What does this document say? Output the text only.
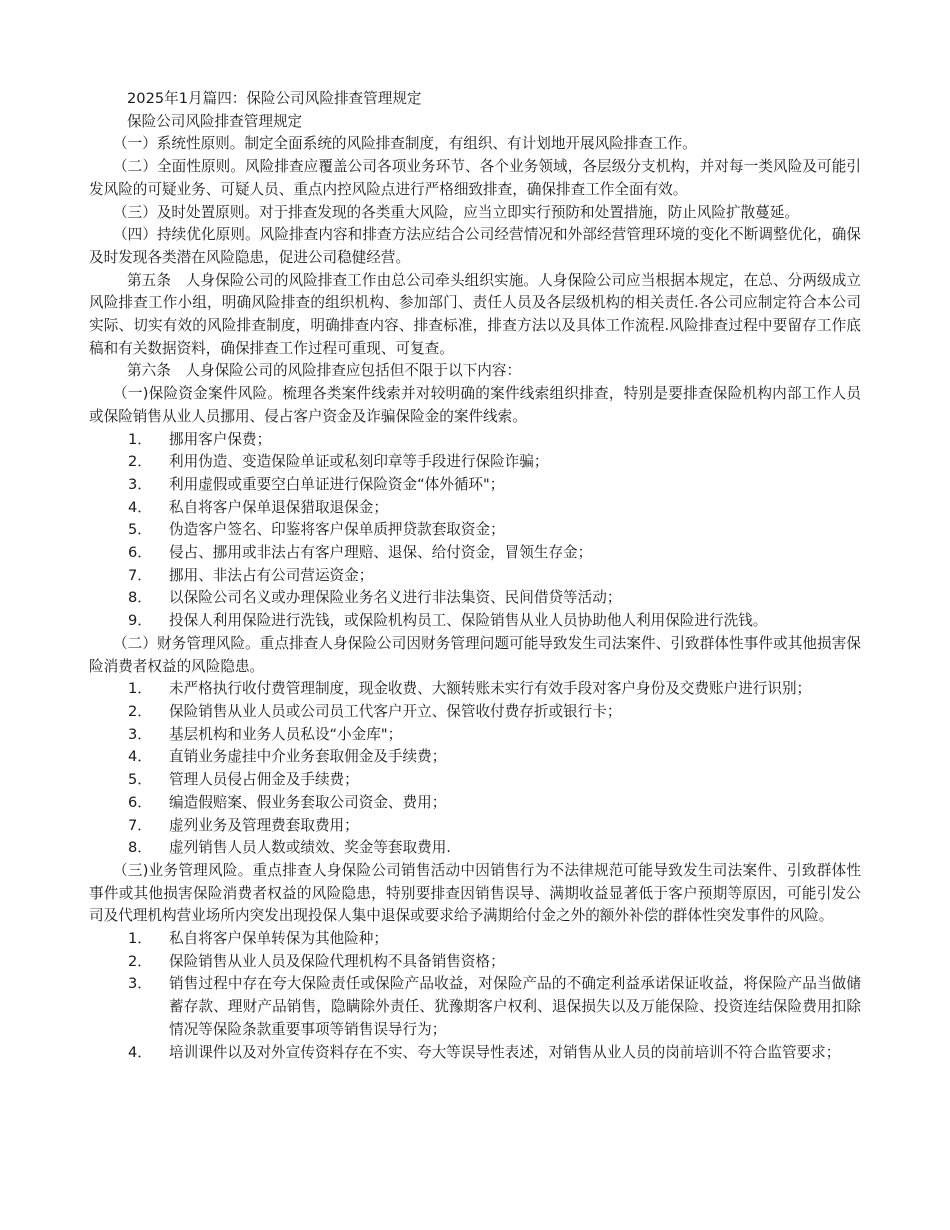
2025年1月篇四：保险公司风险排查管理规定

保险公司风险排查管理规定

（一）系统性原则。制定全面系统的风险排查制度，有组织、有计划地开展风险排查工作。

（二）全面性原则。风险排查应覆盖公司各项业务环节、各个业务领域，各层级分支机构，并对每一类风险及可能引发风险的可疑业务、可疑人员、重点内控风险点进行严格细致排查，确保排查工作全面有效。

（三）及时处置原则。对于排查发现的各类重大风险，应当立即实行预防和处置措施，防止风险扩散蔓延。

（四）持续优化原则。风险排查内容和排查方法应结合公司经营情况和外部经营管理环境的变化不断调整优化，确保及时发现各类潜在风险隐患，促进公司稳健经营。

第五条　人身保险公司的风险排查工作由总公司牵头组织实施。人身保险公司应当根据本规定，在总、分两级成立风险排查工作小组，明确风险排查的组织机构、参加部门、责任人员及各层级机构的相关责任.各公司应制定符合本公司实际、切实有效的风险排查制度，明确排查内容、排查标准，排查方法以及具体工作流程.风险排查过程中要留存工作底稿和有关数据资料，确保排查工作过程可重现、可复查。

第六条　人身保险公司的风险排查应包括但不限于以下内容：

（一)保险资金案件风险。梳理各类案件线索并对较明确的案件线索组织排查，特别是要排查保险机构内部工作人员或保险销售从业人员挪用、侵占客户资金及诈骗保险金的案件线索。

1．	挪用客户保费；
2．	利用伪造、变造保险单证或私刻印章等手段进行保险诈骗；
3．	利用虚假或重要空白单证进行保险资金“体外循环"；
4．	私自将客户保单退保猎取退保金；
5．	伪造客户签名、印鉴将客户保单质押贷款套取资金；
6．	侵占、挪用或非法占有客户理赔、退保、给付资金，冒领生存金；
7．	挪用、非法占有公司营运资金；
8．	以保险公司名义或办理保险业务名义进行非法集资、民间借贷等活动；
9．	投保人利用保险进行洗钱，或保险机构员工、保险销售从业人员协助他人利用保险进行洗钱。

（二）财务管理风险。重点排查人身保险公司因财务管理问题可能导致发生司法案件、引致群体性事件或其他损害保险消费者权益的风险隐患。

1．	未严格执行收付费管理制度，现金收费、大额转账未实行有效手段对客户身份及交费账户进行识别；
2．	保险销售从业人员或公司员工代客户开立、保管收付费存折或银行卡；
3．	基层机构和业务人员私设“小金库"；
4．	直销业务虚挂中介业务套取佣金及手续费；
5．	管理人员侵占佣金及手续费；
6．	编造假赔案、假业务套取公司资金、费用；
7．	虚列业务及管理费套取费用；
8．	虚列销售人员人数或绩效、奖金等套取费用.

（三)业务管理风险。重点排查人身保险公司销售活动中因销售行为不法律规范可能导致发生司法案件、引致群体性事件或其他损害保险消费者权益的风险隐患，特别要排查因销售误导、满期收益显著低于客户预期等原因，可能引发公司及代理机构营业场所内突发出现投保人集中退保或要求给予满期给付金之外的额外补偿的群体性突发事件的风险。

1．	私自将客户保单转保为其他险种；
2．	保险销售从业人员及保险代理机构不具备销售资格；
3．	销售过程中存在夸大保险责任或保险产品收益，对保险产品的不确定利益承诺保证收益，将保险产品当做储蓄存款、理财产品销售，隐瞒除外责任、犹豫期客户权利、退保损失以及万能保险、投资连结保险费用扣除情况等保险条款重要事项等销售误导行为；
4．	培训课件以及对外宣传资料存在不实、夸大等误导性表述，对销售从业人员的岗前培训不符合监管要求；
